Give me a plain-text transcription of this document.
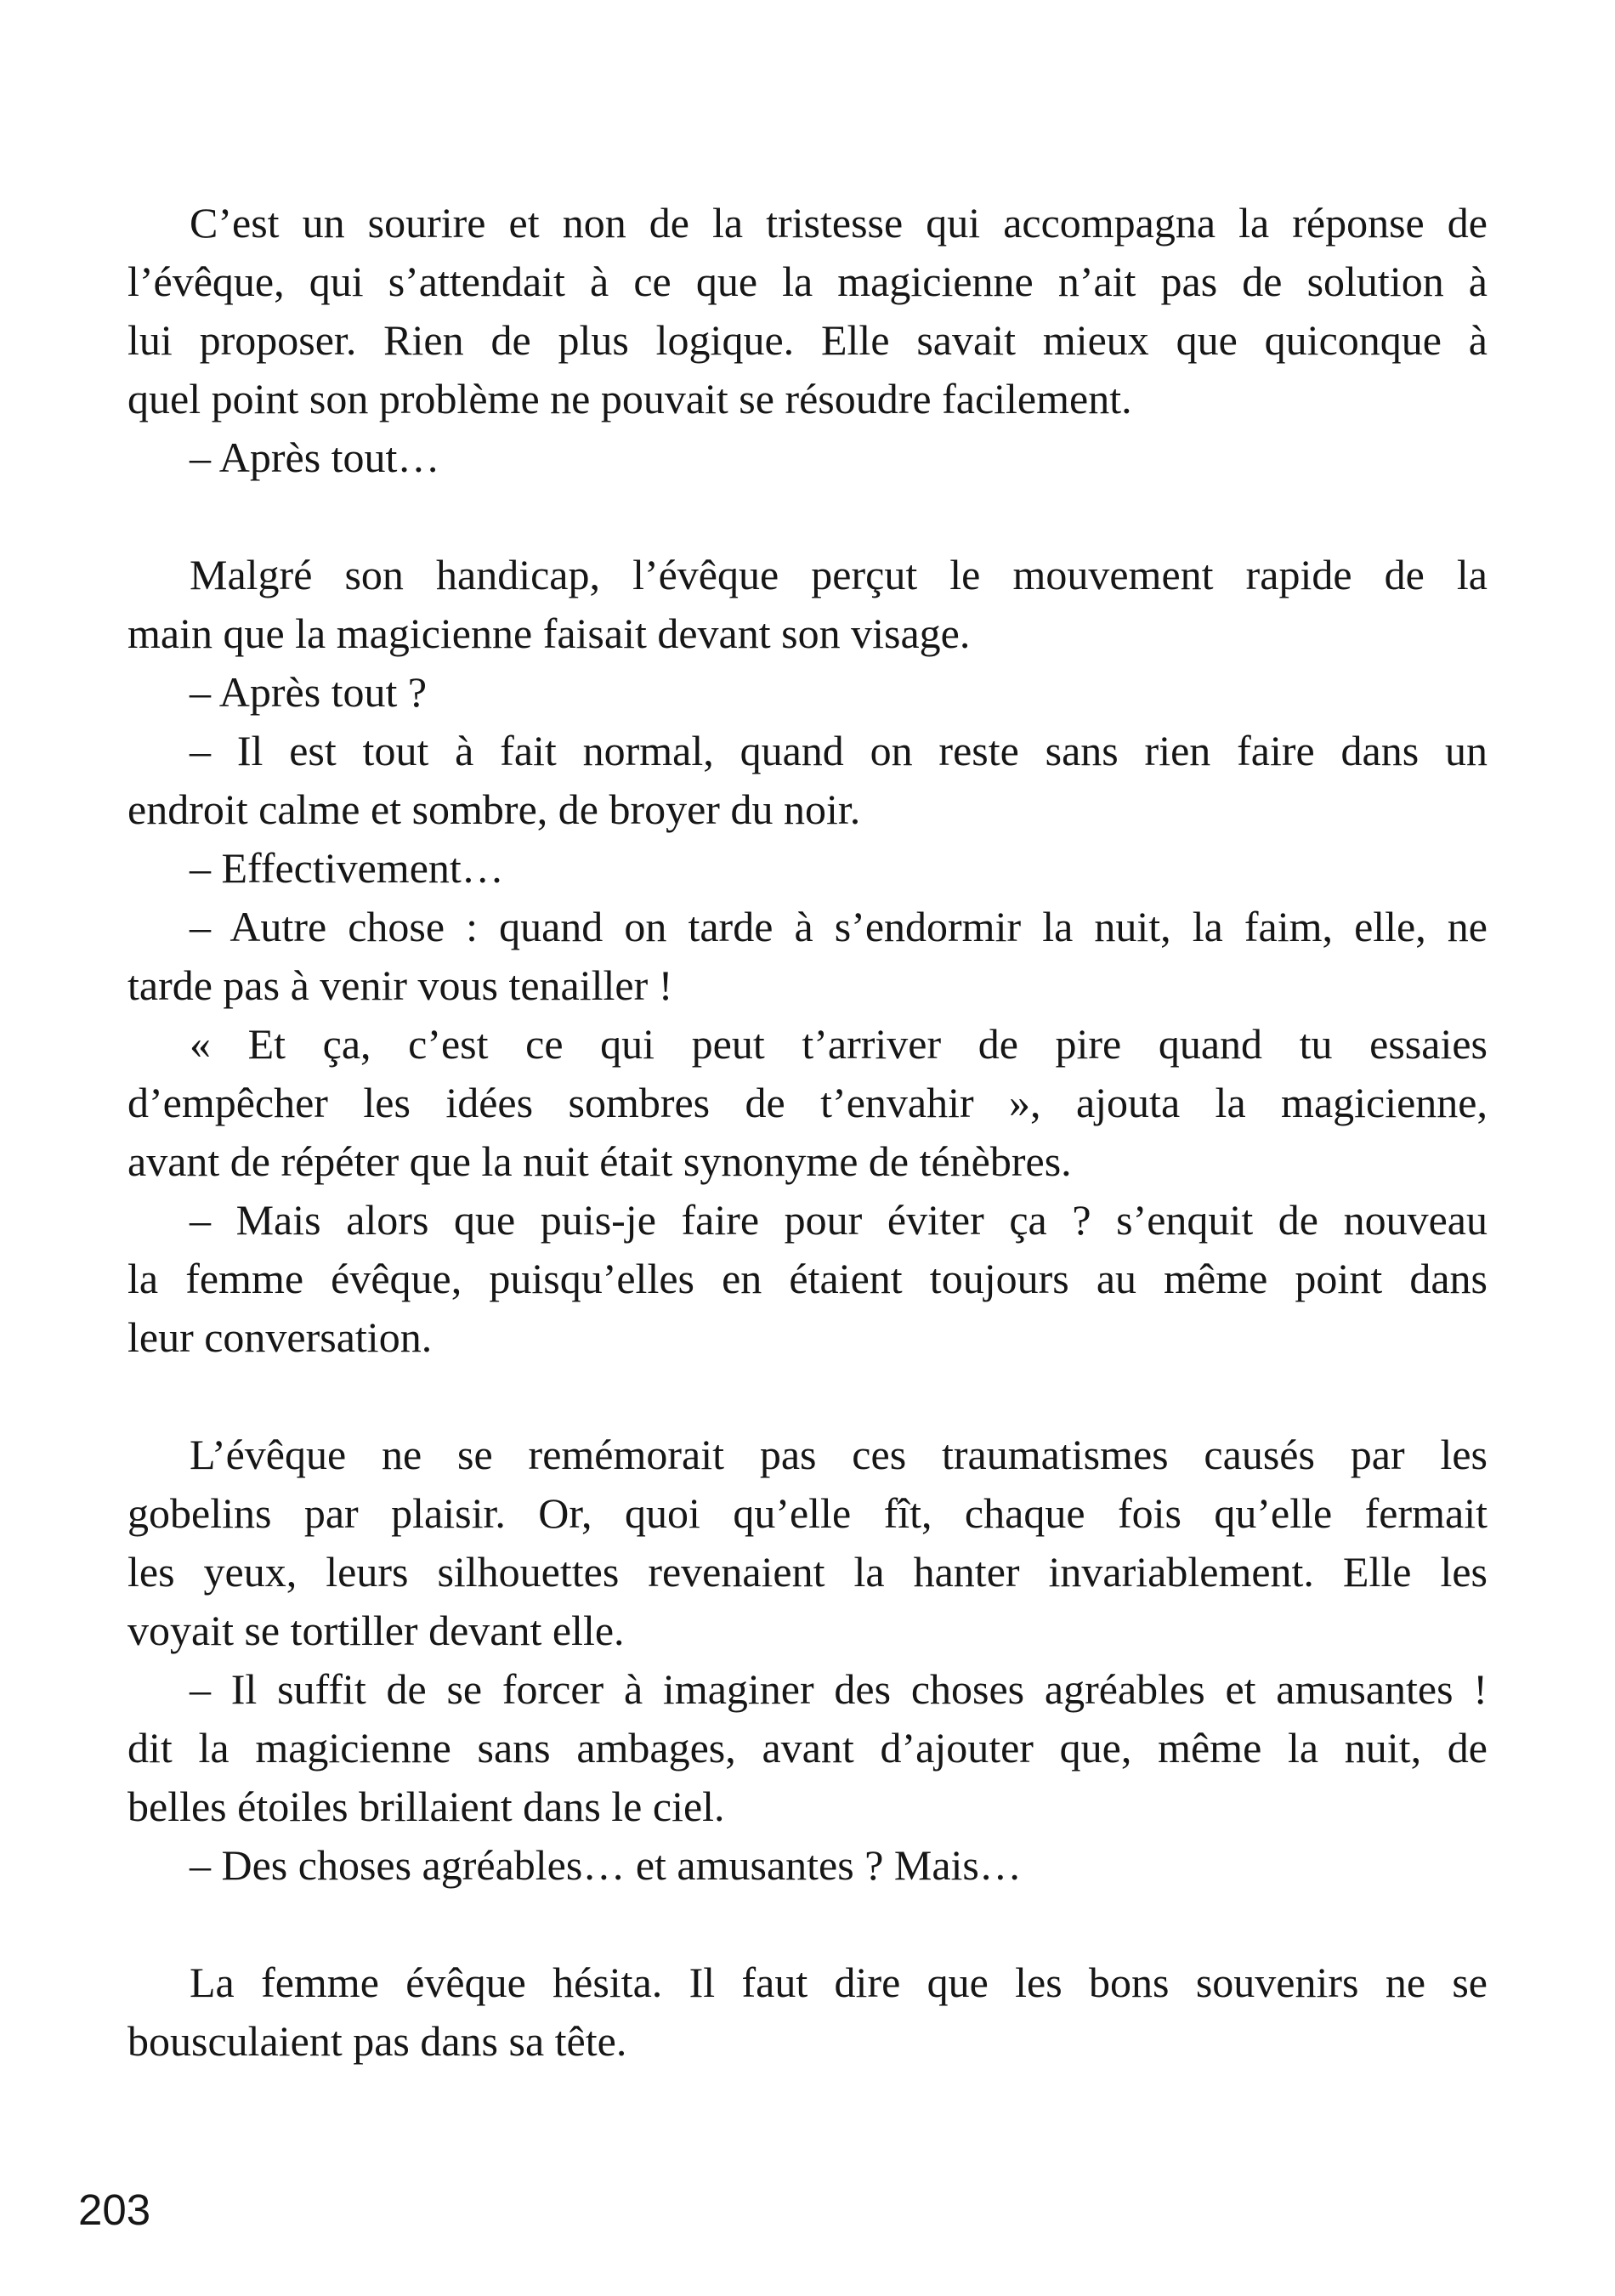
C’est un sourire et non de la tristesse qui accompagna la réponse de
l’évêque, qui s’attendait à ce que la magicienne n’ait pas de solution à
lui proposer. Rien de plus logique. Elle savait mieux que quiconque à
quel point son problème ne pouvait se résoudre facilement.
– Après tout…
Malgré son handicap, l’évêque perçut le mouvement rapide de la
main que la magicienne faisait devant son visage.
– Après tout ?
– Il est tout à fait normal, quand on reste sans rien faire dans un
endroit calme et sombre, de broyer du noir.
– Effectivement…
– Autre chose : quand on tarde à s’endormir la nuit, la faim, elle, ne
tarde pas à venir vous tenailler !
« Et ça, c’est ce qui peut t’arriver de pire quand tu essaies
d’empêcher les idées sombres de t’envahir », ajouta la magicienne,
avant de répéter que la nuit était synonyme de ténèbres.
– Mais alors que puis-je faire pour éviter ça ? s’enquit de nouveau
la femme évêque, puisqu’elles en étaient toujours au même point dans
leur conversation.
L’évêque ne se remémorait pas ces traumatismes causés par les
gobelins par plaisir. Or, quoi qu’elle fît, chaque fois qu’elle fermait
les yeux, leurs silhouettes revenaient la hanter invariablement. Elle les
voyait se tortiller devant elle.
– Il suffit de se forcer à imaginer des choses agréables et amusantes !
dit la magicienne sans ambages, avant d’ajouter que, même la nuit, de
belles étoiles brillaient dans le ciel.
– Des choses agréables… et amusantes ? Mais…
La femme évêque hésita. Il faut dire que les bons souvenirs ne se
bousculaient pas dans sa tête.
203
